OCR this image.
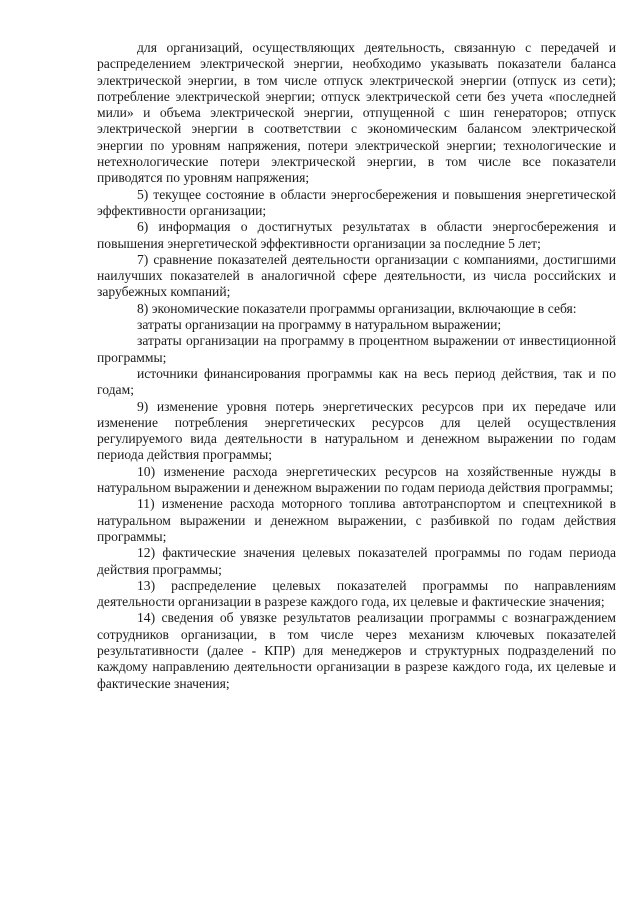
для организаций, осуществляющих деятельность, связанную с передачей и распределением электрической энергии, необходимо указывать показатели баланса электрической энергии, в том числе отпуск электрической энергии (отпуск из сети); потребление электрической энергии; отпуск электрической сети без учета «последней мили» и объема электрической энергии, отпущенной с шин генераторов; отпуск электрической энергии в соответствии с экономическим балансом электрической энергии по уровням напряжения, потери электрической энергии; технологические и нетехнологические потери электрической энергии, в том числе все показатели приводятся по уровням напряжения;

5) текущее состояние в области энергосбережения и повышения энергетической эффективности организации;

6) информация о достигнутых результатах в области энергосбережения и повышения энергетической эффективности организации за последние 5 лет;

7) сравнение показателей деятельности организации с компаниями, достигшими наилучших показателей в аналогичной сфере деятельности, из числа российских и зарубежных компаний;

8) экономические показатели программы организации, включающие в себя:

затраты организации на программу в натуральном выражении;

затраты организации на программу в процентном выражении от инвестиционной программы;

источники финансирования программы как на весь период действия, так и по годам;

9) изменение уровня потерь энергетических ресурсов при их передаче или изменение потребления энергетических ресурсов для целей осуществления регулируемого вида деятельности в натуральном и денежном выражении по годам периода действия программы;

10) изменение расхода энергетических ресурсов на хозяйственные нужды в натуральном выражении и денежном выражении по годам периода действия программы;

11) изменение расхода моторного топлива автотранспортом и спецтехникой в натуральном выражении и денежном выражении, с разбивкой по годам действия программы;

12) фактические значения целевых показателей программы по годам периода действия программы;

13) распределение целевых показателей программы по направлениям деятельности организации в разрезе каждого года, их целевые и фактические значения;

14) сведения об увязке результатов реализации программы с вознаграждением сотрудников организации, в том числе через механизм ключевых показателей результативности (далее - КПР) для менеджеров и структурных подразделений по каждому направлению деятельности организации в разрезе каждого года, их целевые и фактические значения;
